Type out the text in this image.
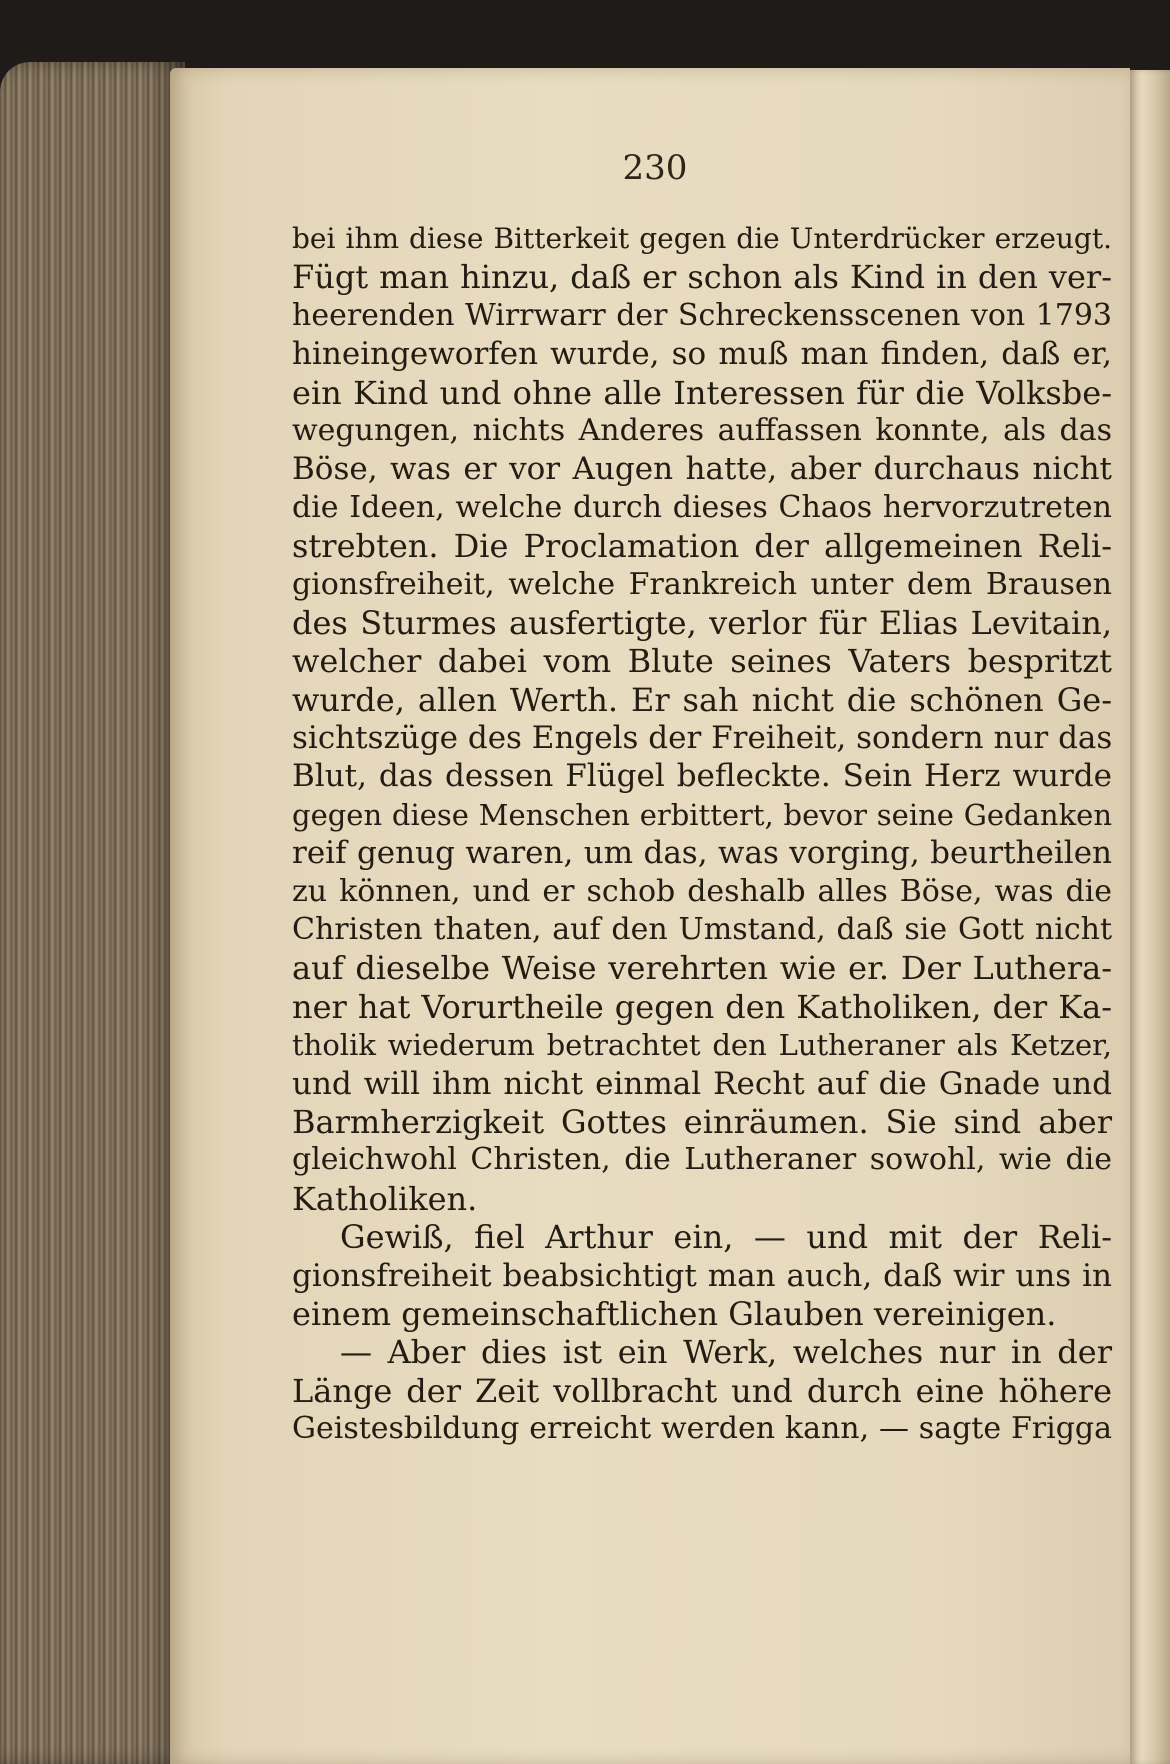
230
bei ihm diese Bitterkeit gegen die Unterdrücker erzeugt.
Fügt man hinzu, daß er schon als Kind in den ver-
heerenden Wirrwarr der Schreckensscenen von 1793
hineingeworfen wurde, so muß man finden, daß er,
ein Kind und ohne alle Interessen für die Volksbe-
wegungen, nichts Anderes auffassen konnte, als das
Böse, was er vor Augen hatte, aber durchaus nicht
die Ideen, welche durch dieses Chaos hervorzutreten
strebten. Die Proclamation der allgemeinen Reli-
gionsfreiheit, welche Frankreich unter dem Brausen
des Sturmes ausfertigte, verlor für Elias Levitain,
welcher dabei vom Blute seines Vaters bespritzt
wurde, allen Werth. Er sah nicht die schönen Ge-
sichtszüge des Engels der Freiheit, sondern nur das
Blut, das dessen Flügel befleckte. Sein Herz wurde
gegen diese Menschen erbittert, bevor seine Gedanken
reif genug waren, um das, was vorging, beurtheilen
zu können, und er schob deshalb alles Böse, was die
Christen thaten, auf den Umstand, daß sie Gott nicht
auf dieselbe Weise verehrten wie er. Der Luthera-
ner hat Vorurtheile gegen den Katholiken, der Ka-
tholik wiederum betrachtet den Lutheraner als Ketzer,
und will ihm nicht einmal Recht auf die Gnade und
Barmherzigkeit Gottes einräumen. Sie sind aber
gleichwohl Christen, die Lutheraner sowohl, wie die
Katholiken.
Gewiß, fiel Arthur ein, — und mit der Reli-
gionsfreiheit beabsichtigt man auch, daß wir uns in
einem gemeinschaftlichen Glauben vereinigen.
— Aber dies ist ein Werk, welches nur in der
Länge der Zeit vollbracht und durch eine höhere
Geistesbildung erreicht werden kann, — sagte Frigga
